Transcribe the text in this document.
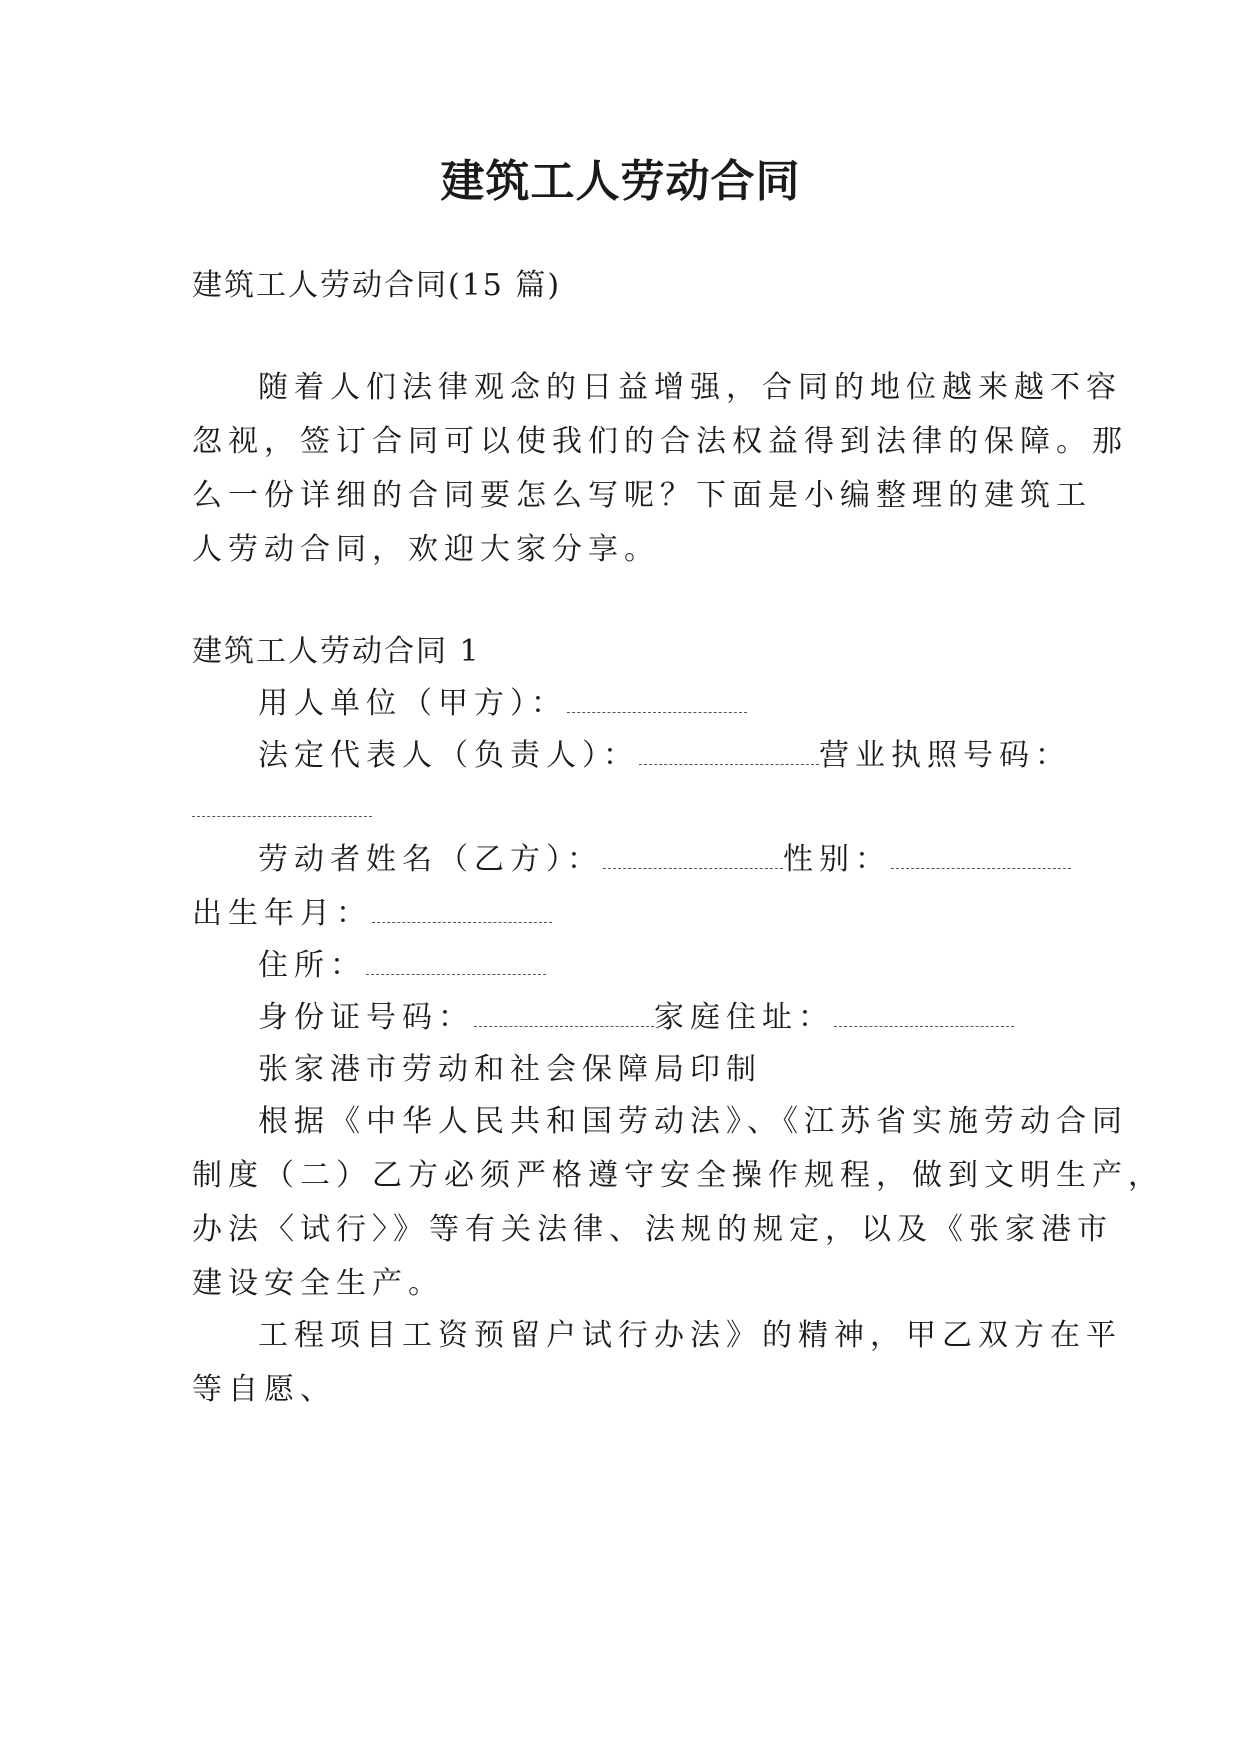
建筑工人劳动合同
建筑工人劳动合同(15 篇)
随着人们法律观念的日益增强，合同的地位越来越不容
忽视，签订合同可以使我们的合法权益得到法律的保障。那
么一份详细的合同要怎么写呢？下面是小编整理的建筑工
人劳动合同，欢迎大家分享。
建筑工人劳动合同 1
用人单位（甲方）：
法定代表人（负责人）：	营业执照号码：
劳动者姓名（乙方）：	性别：
出生年月：
住所：
身份证号码：	家庭住址：
张家港市劳动和社会保障局印制
根据《中华人民共和国劳动法》、《江苏省实施劳动合同
制度（二）乙方必须严格遵守安全操作规程，做到文明生产，
办法〈试行〉》等有关法律、法规的规定，以及《张家港市
建设安全生产。
工程项目工资预留户试行办法》的精神，甲乙双方在平
等自愿、
